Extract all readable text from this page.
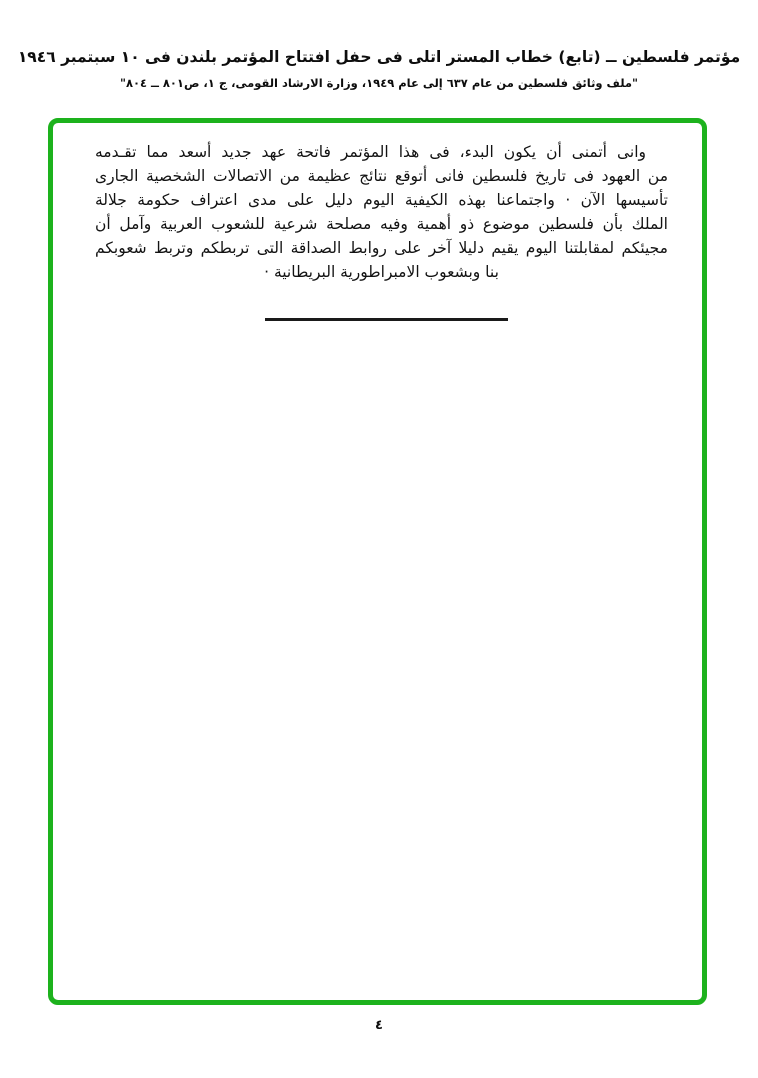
مؤتمر فلسطين ــ (تابع) خطاب المستر اتلى فى حفل افتتاح المؤتمر بلندن فى ١٠ سبتمبر ١٩٤٦
"ملف وثائق فلسطين من عام ٦٣٧ إلى عام ١٩٤٩، وزارة الارشاد القومى، ج ١، ص٨٠١ ــ ٨٠٤"
وانى أتمنى أن يكون البدء، فى هذا المؤتمر فاتحة عهد جديد أسعد مما تقـدمه
من العهود فى تاريخ فلسطين فانى أتوقع نتائج عظيمة من الاتصالات الشخصية الجارى
تأسيسها الآن · واجتماعنا بهذه الكيفية اليوم دليل على مدى اعتراف حكومة جلالة
الملك بأن فلسطين موضوع ذو أهمية وفيه مصلحة شرعية للشعوب العربية وآمل أن
مجيئكم لمقابلتنا اليوم يقيم دليلا آخر على روابط الصداقة التى تربطكم وتربط شعوبكم
بنا وبشعوب الامبراطورية البريطانية ·
٤
